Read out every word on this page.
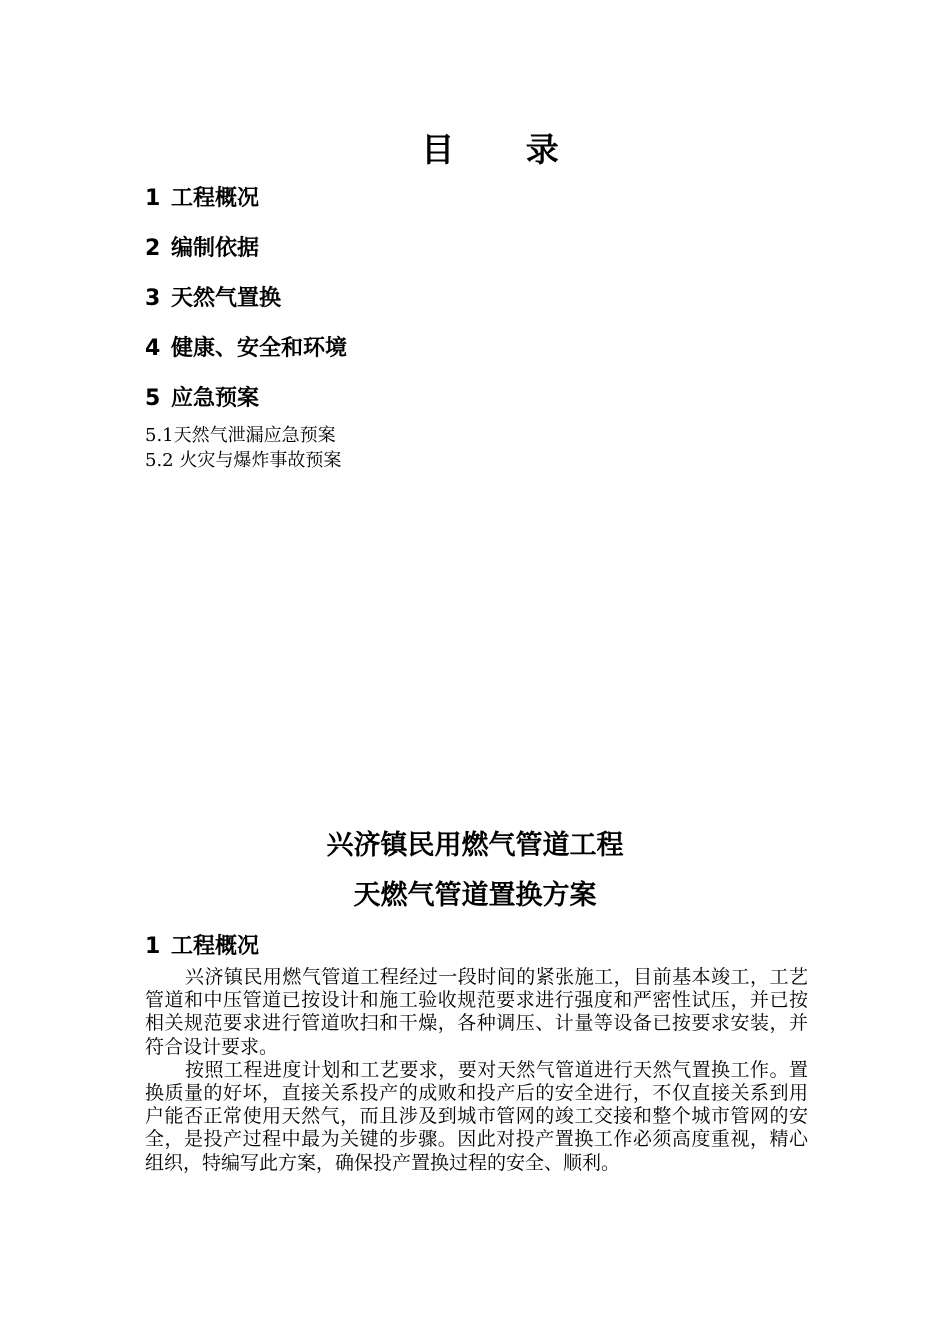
目 录
1 工程概况
2 编制依据
3 天然气置换
4 健康、安全和环境
5 应急预案
5.1天然气泄漏应急预案
5.2 火灾与爆炸事故预案
兴济镇民用燃气管道工程
天燃气管道置换方案
1 工程概况

兴济镇民用燃气管道工程经过一段时间的紧张施工，目前基本竣工，工艺管道和中压管道已按设计和施工验收规范要求进行强度和严密性试压，并已按相关规范要求进行管道吹扫和干燥，各种调压、计量等设备已按要求安装，并符合设计要求。

按照工程进度计划和工艺要求，要对天然气管道进行天然气置换工作。置换质量的好坏，直接关系投产的成败和投产后的安全进行，不仅直接关系到用户能否正常使用天然气，而且涉及到城市管网的竣工交接和整个城市管网的安全，是投产过程中最为关键的步骤。因此对投产置换工作必须高度重视，精心组织，特编写此方案，确保投产置换过程的安全、顺利。
